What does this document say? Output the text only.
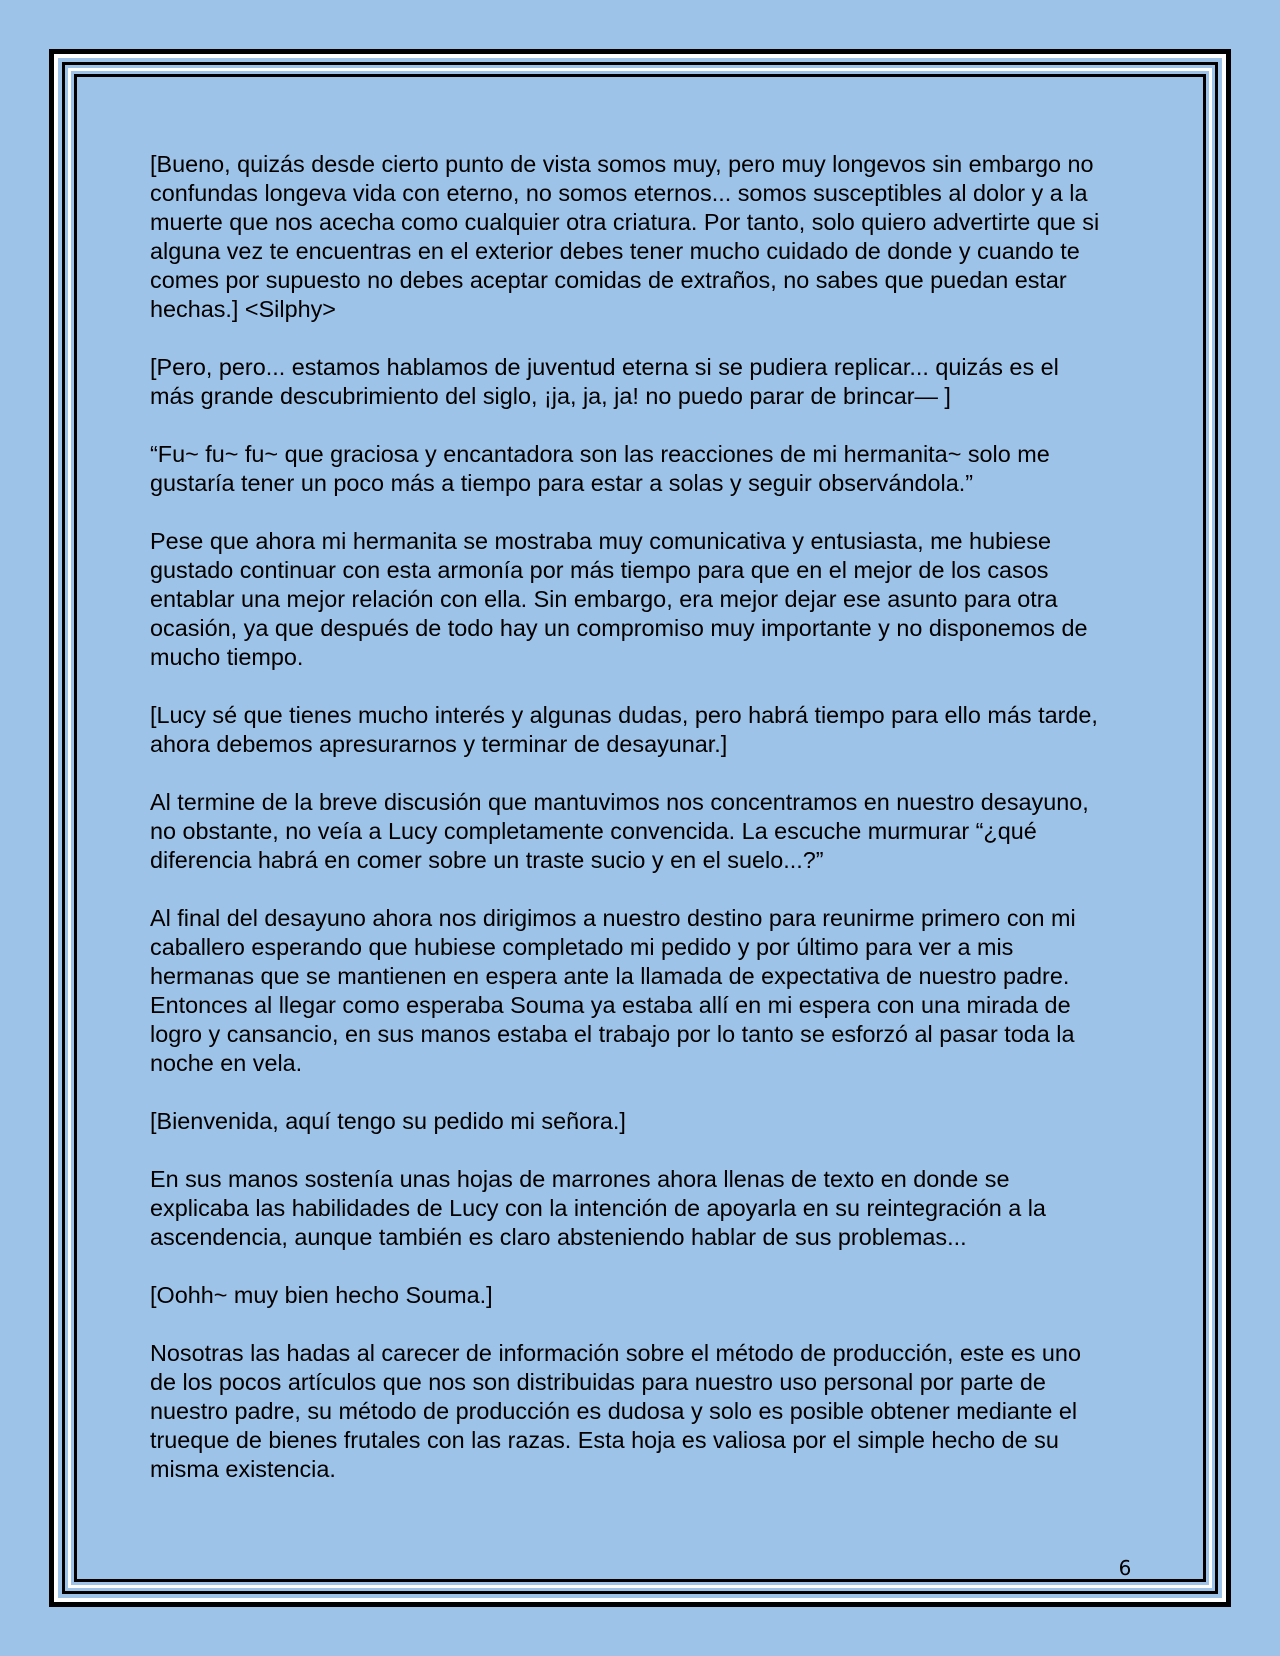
[Bueno, quizás desde cierto punto de vista somos muy, pero muy longevos sin embargo no confundas longeva vida con eterno, no somos eternos... somos susceptibles al dolor y a la muerte que nos acecha como cualquier otra criatura. Por tanto, solo quiero advertirte que si alguna vez te encuentras en el exterior debes tener mucho cuidado de donde y cuando te comes por supuesto no debes aceptar comidas de extraños, no sabes que puedan estar hechas.] <Silphy>

[Pero, pero... estamos hablamos de juventud eterna si se pudiera replicar... quizás es el más grande descubrimiento del siglo, ¡ja, ja, ja! no puedo parar de brincar— ]

“Fu~ fu~ fu~ que graciosa y encantadora son las reacciones de mi hermanita~ solo me gustaría tener un poco más a tiempo para estar a solas y seguir observándola.”

Pese que ahora mi hermanita se mostraba muy comunicativa y entusiasta, me hubiese gustado continuar con esta armonía por más tiempo para que en el mejor de los casos entablar una mejor relación con ella. Sin embargo, era mejor dejar ese asunto para otra ocasión, ya que después de todo hay un compromiso muy importante y no disponemos de mucho tiempo.

[Lucy sé que tienes mucho interés y algunas dudas, pero habrá tiempo para ello más tarde, ahora debemos apresurarnos y terminar de desayunar.]

Al termine de la breve discusión que mantuvimos nos concentramos en nuestro desayuno, no obstante, no veía a Lucy completamente convencida. La escuche murmurar “¿qué diferencia habrá en comer sobre un traste sucio y en el suelo...?”

Al final del desayuno ahora nos dirigimos a nuestro destino para reunirme primero con mi caballero esperando que hubiese completado mi pedido y por último para ver a mis hermanas que se mantienen en espera ante la llamada de expectativa de nuestro padre. Entonces al llegar como esperaba Souma ya estaba allí en mi espera con una mirada de logro y cansancio, en sus manos estaba el trabajo por lo tanto se esforzó al pasar toda la noche en vela.

[Bienvenida, aquí tengo su pedido mi señora.]

En sus manos sostenía unas hojas de marrones ahora llenas de texto en donde se explicaba las habilidades de Lucy con la intención de apoyarla en su reintegración a la ascendencia, aunque también es claro absteniendo hablar de sus problemas...

[Oohh~ muy bien hecho Souma.]

Nosotras las hadas al carecer de información sobre el método de producción, este es uno de los pocos artículos que nos son distribuidas para nuestro uso personal por parte de nuestro padre, su método de producción es dudosa y solo es posible obtener mediante el trueque de bienes frutales con las razas. Esta hoja es valiosa por el simple hecho de su misma existencia.

6
